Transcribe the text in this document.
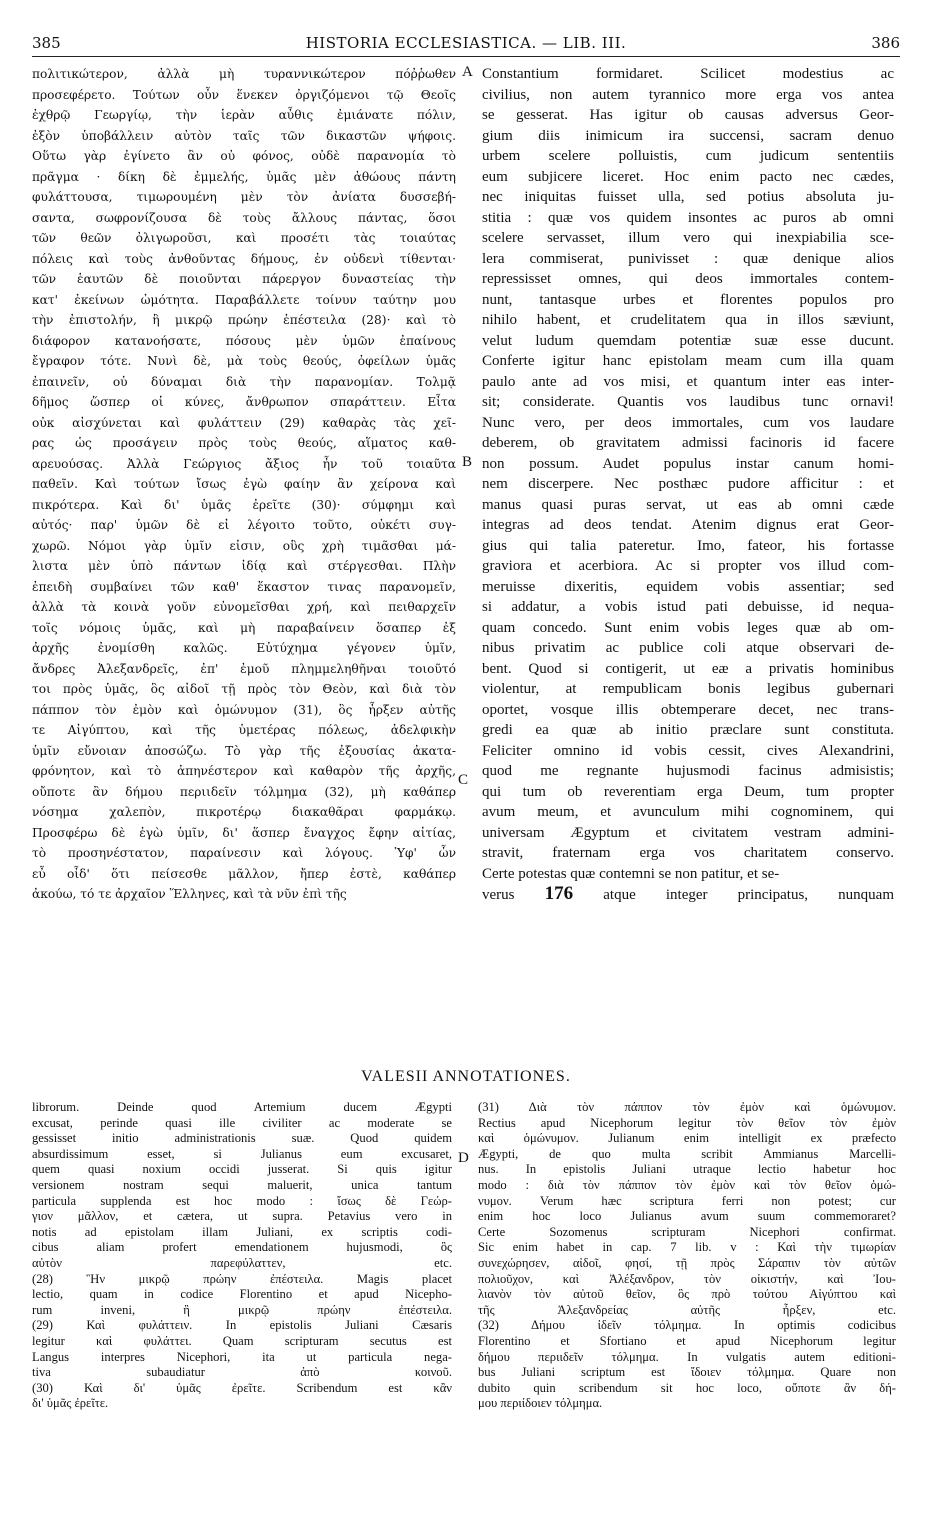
385	HISTORIA ECCLESIASTICA. — LIB. III.	386
πολιτικώτερον, ἀλλὰ μὴ τυραννικώτερον πόῤῥωθεν
προσεφέρετο. Τούτων οὖν ἕνεκεν ὀργιζόμενοι τῷ Θεοῖς
ἐχθρῷ Γεωργίῳ, τὴν ἱερὰν αὖθις ἐμιάνατε πόλιν,
ἐξὸν ὑποβάλλειν αὐτὸν ταῖς τῶν δικαστῶν ψήφοις.
Οὕτω γὰρ ἐγίνετο ἂν οὐ φόνος, οὐδὲ παρανομία τὸ
πρᾶγμα · δίκη δὲ ἐμμελής, ὑμᾶς μὲν ἀθώους πάντη
φυλάττουσα, τιμωρουμένη μὲν τὸν ἀνίατα δυσσεβή-
σαντα, σωφρονίζουσα δὲ τοὺς ἄλλους πάντας, ὅσοι
τῶν θεῶν ὀλιγωροῦσι, καὶ προσέτι τὰς τοιαύτας
πόλεις καὶ τοὺς ἀνθοῦντας δήμους, ἐν οὐδενὶ τίθενται·
τῶν ἑαυτῶν δὲ ποιοῦνται πάρεργον δυναστείας τὴν
κατ' ἐκείνων ὠμότητα. Παραβάλλετε τοίνυν ταύτην μου
τὴν ἐπιστολήν, ἣ μικρῷ πρώην ἐπέστειλα (28)· καὶ τὸ
διάφορον κατανοήσατε, πόσους μὲν ὑμῶν ἐπαίνους
ἔγραφον τότε. Νυνὶ δὲ, μὰ τοὺς θεούς, ὀφείλων ὑμᾶς
ἐπαινεῖν, οὐ δύναμαι διὰ τὴν παρανομίαν. Τολμᾷ
δῆμος ὥσπερ οἱ κύνες, ἄνθρωπον σπαράττειν. Εἶτα
οὐκ αἰσχύνεται καὶ φυλάττειν (29) καθαρὰς τὰς χεῖ-
ρας ὡς προσάγειν πρὸς τοὺς θεούς, αἵματος καθ-
αρευούσας. Ἀλλὰ Γεώργιος ἄξιος ἦν τοῦ τοιαῦτα
παθεῖν. Καὶ τούτων ἴσως ἐγὼ φαίην ἂν χείρονα καὶ
πικρότερα. Καὶ δι' ὑμᾶς ἐρεῖτε (30)· σύμφημι καὶ
αὐτός· παρ' ὑμῶν δὲ εἰ λέγοιτο τοῦτο, οὐκέτι συγ-
χωρῶ. Νόμοι γὰρ ὑμῖν εἰσιν, οὓς χρὴ τιμᾶσθαι μά-
λιστα μὲν ὑπὸ πάντων ἰδίᾳ καὶ στέργεσθαι. Πλὴν
ἐπειδὴ συμβαίνει τῶν καθ' ἕκαστον τινας παρανομεῖν,
ἀλλὰ τὰ κοινὰ γοῦν εὐνομεῖσθαι χρή, καὶ πειθαρχεῖν
τοῖς νόμοις ὑμᾶς, καὶ μὴ παραβαίνειν ὅσαπερ ἐξ
ἀρχῆς ἐνομίσθη καλῶς. Εὐτύχημα γέγονεν ὑμῖν,
ἄνδρες Ἀλεξανδρεῖς, ἐπ' ἐμοῦ πλημμεληθῆναι τοιοῦτό
τοι πρὸς ὑμᾶς, ὃς αἰδοῖ τῇ πρὸς τὸν Θεὸν, καὶ διὰ τὸν
πάππον τὸν ἐμὸν καὶ ὁμώνυμον (31), ὃς ἦρξεν αὐτῆς
τε Αἰγύπτου, καὶ τῆς ὑμετέρας πόλεως, ἀδελφικὴν
ὑμῖν εὔνοιαν ἀποσώζω. Τὸ γὰρ τῆς ἐξουσίας ἀκατα-
φρόνητον, καὶ τὸ ἀπηνέστερον καὶ καθαρὸν τῆς ἀρχῆς,
οὔποτε ἂν δήμου περιιδεῖν τόλμημα (32), μὴ καθάπερ
νόσημα χαλεπὸν, πικροτέρῳ διακαθᾶραι φαρμάκῳ.
Προσφέρω δὲ ἐγὼ ὑμῖν, δι' ἅσπερ ἔναγχος ἔφην αἰτίας,
τὸ προσηνέστατον, παραίνεσιν καὶ λόγους. Ὑφ' ὧν
εὖ οἶδ' ὅτι πείσεσθε μᾶλλον, ἤπερ ἐστὲ, καθάπερ
ἀκούω, τό τε ἀρχαῖον Ἕλληνες, καὶ τὰ νῦν ἐπὶ τῆς
Constantium formidaret. Scilicet modestius ac
civilius, non autem tyrannico more erga vos antea
se gesserat. Has igitur ob causas adversus Geor-
gium diis inimicum ira succensi, sacram denuo
urbem scelere polluistis, cum judicum sententiis
eum subjicere liceret. Hoc enim pacto nec cædes,
nec iniquitas fuisset ulla, sed potius absoluta ju-
stitia : quæ vos quidem insontes ac puros ab omni
scelere servasset, illum vero qui inexpiabilia sce-
lera commiserat, punivisset : quæ denique alios
repressisset omnes, qui deos immortales contem-
nunt, tantasque urbes et florentes populos pro
nihilo habent, et crudelitatem qua in illos sæviunt,
velut ludum quemdam potentiæ suæ esse ducunt.
Conferte igitur hanc epistolam meam cum illa quam
paulo ante ad vos misi, et quantum inter eas inter-
sit; considerate. Quantis vos laudibus tunc ornavi!
Nunc vero, per deos immortales, cum vos laudare
deberem, ob gravitatem admissi facinoris id facere
non possum. Audet populus instar canum homi-
nem discerpere. Nec posthæc pudore afficitur : et
manus quasi puras servat, ut eas ab omni cæde
integras ad deos tendat. Atenim dignus erat Geor-
gius qui talia pateretur. Imo, fateor, his fortasse
graviora et acerbiora. Ac si propter vos illud com-
meruisse dixeritis, equidem vobis assentiar; sed
si addatur, a vobis istud pati debuisse, id nequa-
quam concedo. Sunt enim vobis leges quæ ab om-
nibus privatim ac publice coli atque observari de-
bent. Quod si contigerit, ut eæ a privatis hominibus
violentur, at rempublicam bonis legibus gubernari
oportet, vosque illis obtemperare decet, nec trans-
gredi ea quæ ab initio præclare sunt constituta.
Feliciter omnino id vobis cessit, cives Alexandrini,
quod me regnante hujusmodi facinus admisistis;
qui tum ob reverentiam erga Deum, tum propter
avum meum, et avunculum mihi cognominem, qui
universam Ægyptum et civitatem vestram admini-
stravit, fraternam erga vos charitatem conservo.
Certe potestas quæ contemni se non patitur, et se-
verus 176 atque integer principatus, nunquam
A
B
C
D
VALESII ANNOTATIONES.
librorum. Deinde quod Artemium ducem Ægypti
excusat, perinde quasi ille civiliter ac moderate se
gessisset initio administrationis suæ. Quod quidem
absurdissimum esset, si Julianus eum excusaret,
quem quasi noxium occidi jusserat. Si quis igitur
versionem nostram sequi maluerit, unica tantum
particula supplenda est hoc modo : ἴσως δὲ Γεώρ-
γιον μᾶλλον, et cætera, ut supra. Petavius vero in
notis ad epistolam illam Juliani, ex scriptis codi-
cibus aliam profert emendationem hujusmodi, ὃς
αὐτὸν παρεφύλαττεν, etc.
(28) Ἣν μικρῷ πρώην ἐπέστειλα. Magis placet
lectio, quam in codice Florentino et apud Nicepho-
rum inveni, ἣ μικρῷ πρώην ἐπέστειλα.
(29) Καὶ φυλάττειν. In epistolis Juliani Cæsaris
legitur καὶ φυλάττει. Quam scripturam secutus est
Langus interpres Nicephori, ita ut particula nega-
tiva subaudiatur ἀπὸ κοινοῦ.
(30) Καὶ δι' ὑμᾶς ἐρεῖτε. Scribendum est κἂν
δι' ὑμᾶς ἐρεῖτε.
(31) Διὰ τὸν πάππον τὸν ἐμὸν καὶ ὁμώνυμον.
Rectius apud Nicephorum legitur τὸν θεῖον τὸν ἐμὸν
καὶ ὁμώνυμον. Julianum enim intelligit ex præfecto
Ægypti, de quo multa scribit Ammianus Marcelli-
nus. In epistolis Juliani utraque lectio habetur hoc
modo : διὰ τὸν πάππον τὸν ἐμὸν καὶ τὸν θεῖον ὁμώ-
νυμον. Verum hæc scriptura ferri non potest; cur
enim hoc loco Julianus avum suum commemoraret?
Certe Sozomenus scripturam Nicephori confirmat.
Sic enim habet in cap. 7 lib. v : Καὶ τὴν τιμωρίαν
συνεχώρησεν, αἰδοῖ, φησί, τῇ πρὸς Σάραπιν τὸν αὐτῶν
πολιοῦχον, καὶ Ἀλέξανδρον, τὸν οἰκιστήν, καὶ Ἰου-
λιανὸν τὸν αὐτοῦ θεῖον, ὃς πρὸ τούτου Αἰγύπτου καὶ
τῆς Ἀλεξανδρείας αὐτῆς ἦρξεν, etc.
(32) Δήμου ἰδεῖν τόλμημα. In optimis codicibus
Florentino et Sfortiano et apud Nicephorum legitur
δήμου περιιδεῖν τόλμημα. In vulgatis autem editioni-
bus Juliani scriptum est ἴδοιεν τόλμημα. Quare non
dubito quin scribendum sit hoc loco, οὔποτε ἂν δή-
μου περιίδοιεν τόλμημα.
